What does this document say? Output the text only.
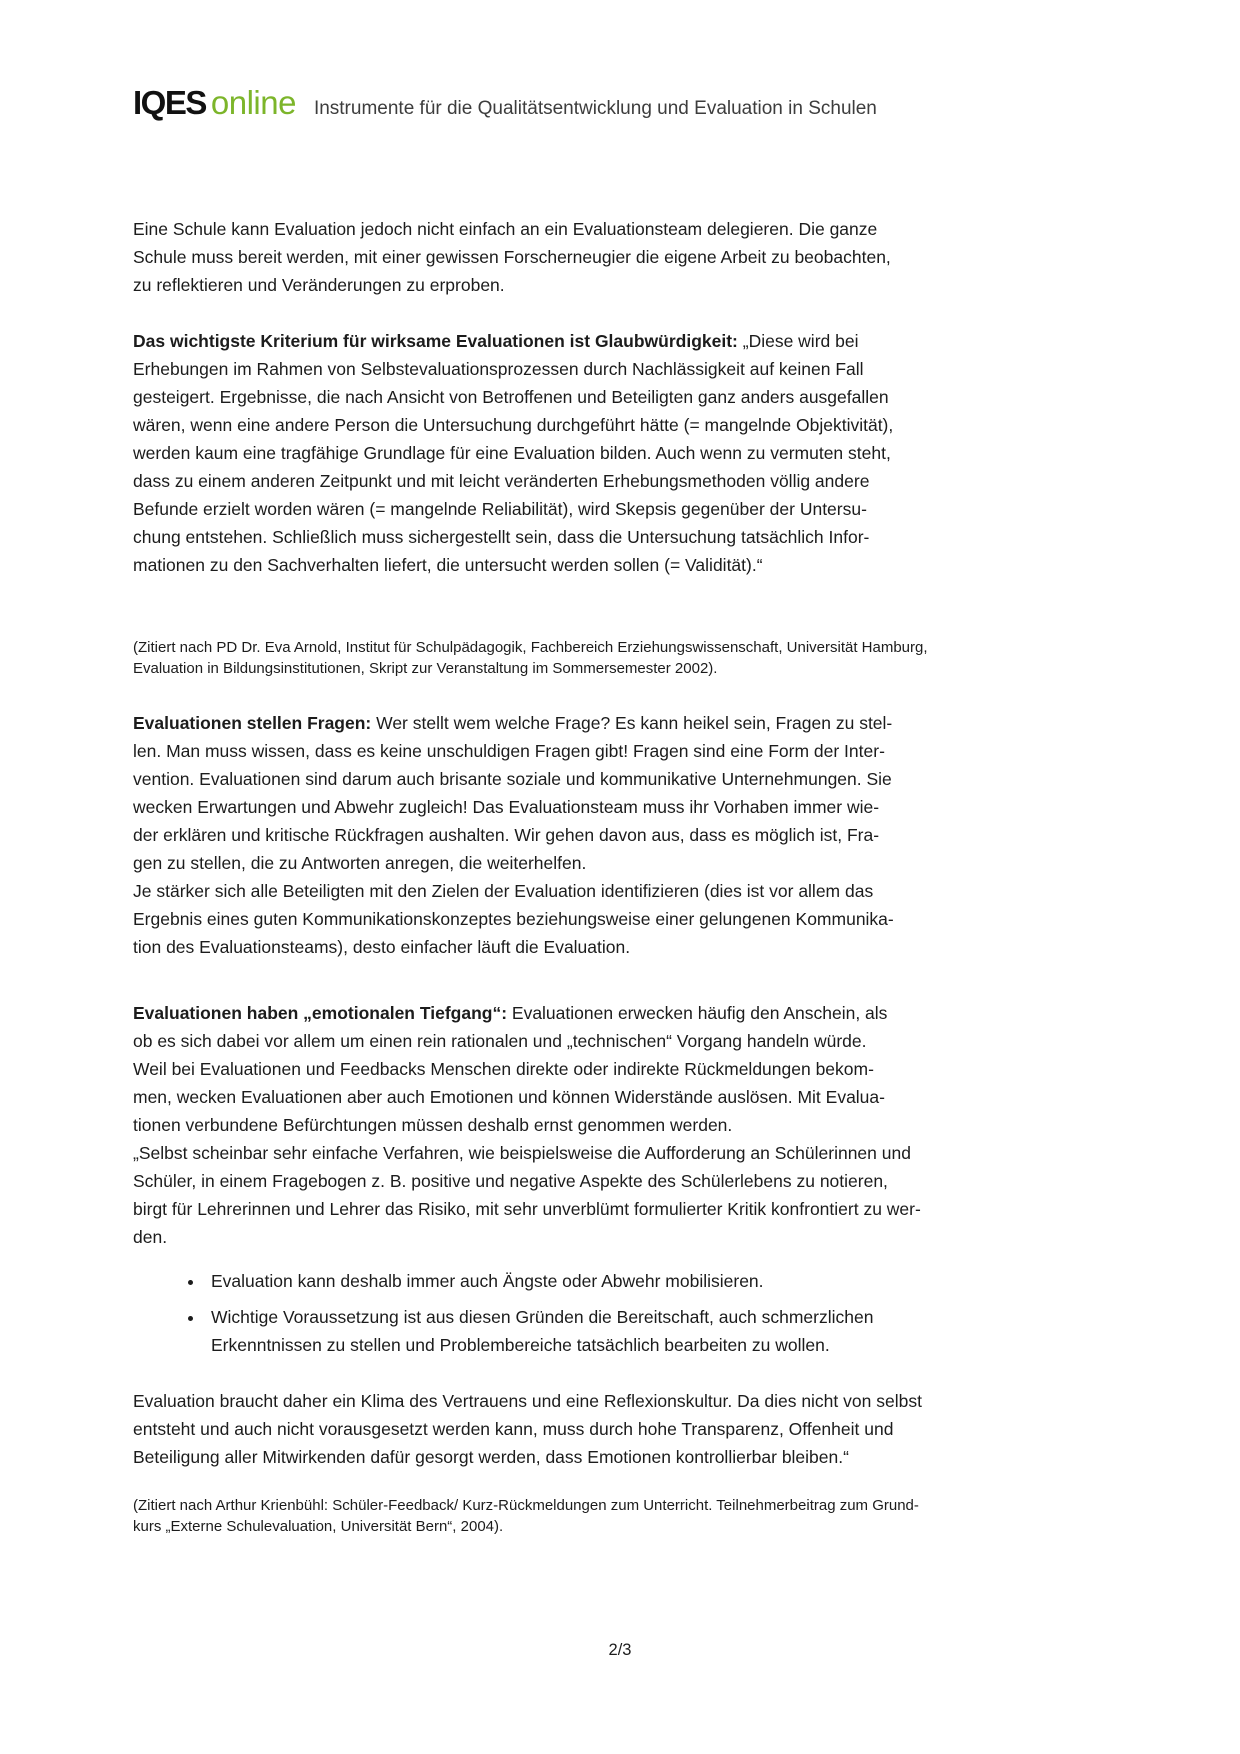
IQES online Instrumente für die Qualitätsentwicklung und Evaluation in Schulen

Eine Schule kann Evaluation jedoch nicht einfach an ein Evaluationsteam delegieren. Die ganze
Schule muss bereit werden, mit einer gewissen Forscherneugier die eigene Arbeit zu beobachten,
zu reflektieren und Veränderungen zu erproben.

Das wichtigste Kriterium für wirksame Evaluationen ist Glaubwürdigkeit: „Diese wird bei
Erhebungen im Rahmen von Selbstevaluationsprozessen durch Nachlässigkeit auf keinen Fall
gesteigert. Ergebnisse, die nach Ansicht von Betroffenen und Beteiligten ganz anders ausgefallen
wären, wenn eine andere Person die Untersuchung durchgeführt hätte (= mangelnde Objektivität),
werden kaum eine tragfähige Grundlage für eine Evaluation bilden. Auch wenn zu vermuten steht,
dass zu einem anderen Zeitpunkt und mit leicht veränderten Erhebungsmethoden völlig andere
Befunde erzielt worden wären (= mangelnde Reliabilität), wird Skepsis gegenüber der Untersu-
chung entstehen. Schließlich muss sichergestellt sein, dass die Untersuchung tatsächlich Infor-
mationen zu den Sachverhalten liefert, die untersucht werden sollen (= Validität).“

(Zitiert nach PD Dr. Eva Arnold, Institut für Schulpädagogik, Fachbereich Erziehungswissenschaft, Universität Hamburg,
Evaluation in Bildungsinstitutionen, Skript zur Veranstaltung im Sommersemester 2002).

Evaluationen stellen Fragen: Wer stellt wem welche Frage? Es kann heikel sein, Fragen zu stel-
len. Man muss wissen, dass es keine unschuldigen Fragen gibt! Fragen sind eine Form der Inter-
vention. Evaluationen sind darum auch brisante soziale und kommunikative Unternehmungen. Sie
wecken Erwartungen und Abwehr zugleich! Das Evaluationsteam muss ihr Vorhaben immer wie-
der erklären und kritische Rückfragen aushalten. Wir gehen davon aus, dass es möglich ist, Fra-
gen zu stellen, die zu Antworten anregen, die weiterhelfen.
Je stärker sich alle Beteiligten mit den Zielen der Evaluation identifizieren (dies ist vor allem das
Ergebnis eines guten Kommunikationskonzeptes beziehungsweise einer gelungenen Kommunika-
tion des Evaluationsteams), desto einfacher läuft die Evaluation.

Evaluationen haben „emotionalen Tiefgang“: Evaluationen erwecken häufig den Anschein, als
ob es sich dabei vor allem um einen rein rationalen und „technischen“ Vorgang handeln würde.
Weil bei Evaluationen und Feedbacks Menschen direkte oder indirekte Rückmeldungen bekom-
men, wecken Evaluationen aber auch Emotionen und können Widerstände auslösen. Mit Evalua-
tionen verbundene Befürchtungen müssen deshalb ernst genommen werden.
„Selbst scheinbar sehr einfache Verfahren, wie beispielsweise die Aufforderung an Schülerinnen und
Schüler, in einem Fragebogen z. B. positive und negative Aspekte des Schülerlebens zu notieren,
birgt für Lehrerinnen und Lehrer das Risiko, mit sehr unverblümt formulierter Kritik konfrontiert zu wer-
den.

• Evaluation kann deshalb immer auch Ängste oder Abwehr mobilisieren.
• Wichtige Voraussetzung ist aus diesen Gründen die Bereitschaft, auch schmerzlichen
Erkenntnissen zu stellen und Problembereiche tatsächlich bearbeiten zu wollen.

Evaluation braucht daher ein Klima des Vertrauens und eine Reflexionskultur. Da dies nicht von selbst
entsteht und auch nicht vorausgesetzt werden kann, muss durch hohe Transparenz, Offenheit und
Beteiligung aller Mitwirkenden dafür gesorgt werden, dass Emotionen kontrollierbar bleiben.“

(Zitiert nach Arthur Krienbühl: Schüler-Feedback/ Kurz-Rückmeldungen zum Unterricht. Teilnehmerbeitrag zum Grund-
kurs „Externe Schulevaluation, Universität Bern“, 2004).

2/3
